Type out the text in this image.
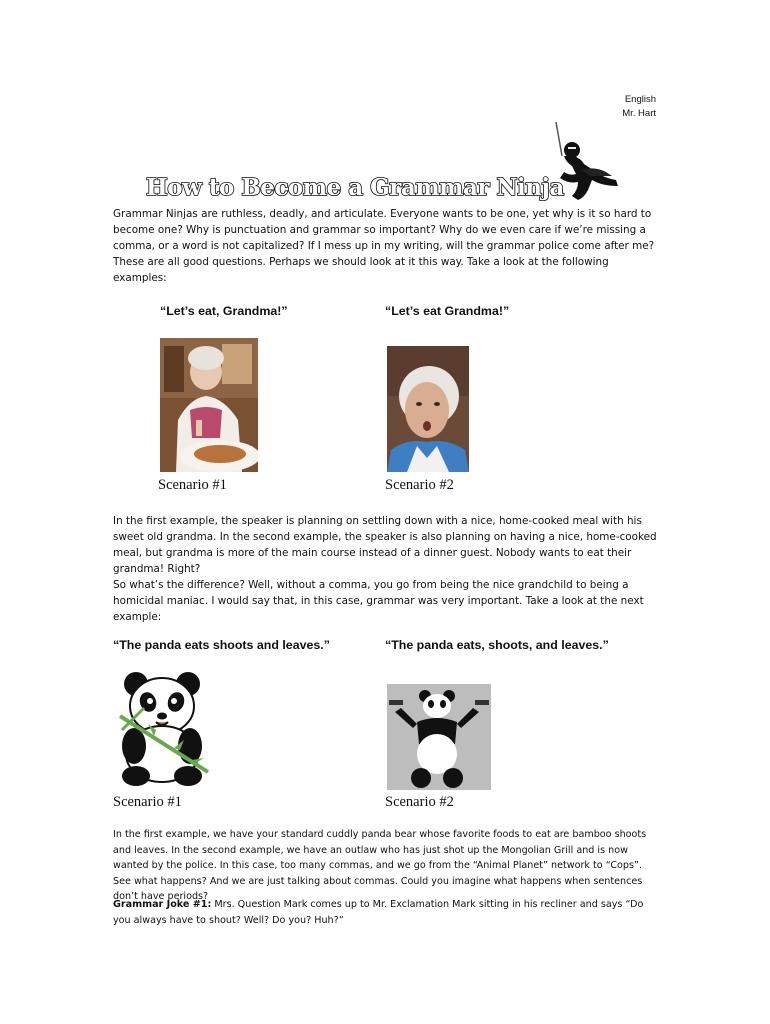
English
Mr. Hart
How to Become a Grammar Ninja

Grammar Ninjas are ruthless, deadly, and articulate. Everyone wants to be one, yet why is it so hard to become one? Why is punctuation and grammar so important? Why do we even care if we’re missing a comma, or a word is not capitalized? If I mess up in my writing, will the grammar police come after me? These are all good questions. Perhaps we should look at it this way. Take a look at the following examples:

“Let’s eat, Grandma!”	“Let’s eat Grandma!”
Scenario #1	Scenario #2

In the first example, the speaker is planning on settling down with a nice, home-cooked meal with his sweet old grandma. In the second example, the speaker is also planning on having a nice, home-cooked meal, but grandma is more of the main course instead of a dinner guest. Nobody wants to eat their grandma! Right?

So what’s the difference? Well, without a comma, you go from being the nice grandchild to being a homicidal maniac. I would say that, in this case, grammar was very important. Take a look at the next example:

“The panda eats shoots and leaves.”	“The panda eats, shoots, and leaves.”
Scenario #1	Scenario #2

In the first example, we have your standard cuddly panda bear whose favorite foods to eat are bamboo shoots and leaves. In the second example, we have an outlaw who has just shot up the Mongolian Grill and is now wanted by the police. In this case, too many commas, and we go from the “Animal Planet” network to “Cops”. See what happens? And we are just talking about commas. Could you imagine what happens when sentences don’t have periods?

Grammar Joke #1: Mrs. Question Mark comes up to Mr. Exclamation Mark sitting in his recliner and says “Do you always have to shout? Well? Do you? Huh?”
